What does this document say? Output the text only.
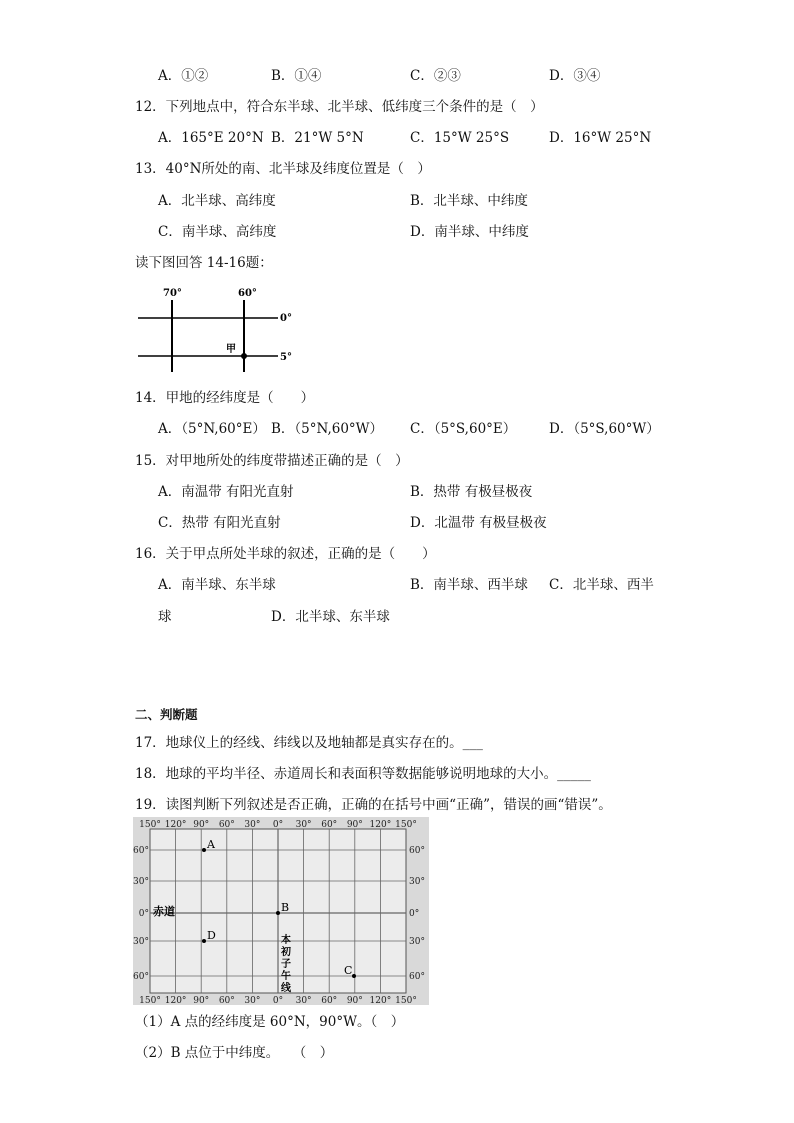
A．①②	B．①④	C．②③	D．③④
12．下列地点中，符合东半球、北半球、低纬度三个条件的是（　）
A．165°E 20°N B．21°W 5°N	C．15°W 25°S	D．16°W 25°N
13．40°N所处的南、北半球及纬度位置是（　）
A．北半球、高纬度	B．北半球、中纬度
C．南半球、高纬度	D．南半球、中纬度
读下图回答 14-16题：
70°	60°
0°
5°
甲
14．甲地的经纬度是（　　）
A．（5°N,60°E） B．（5°N,60°W） C．（5°S,60°E） D．（5°S,60°W）
15．对甲地所处的纬度带描述正确的是（　）
A．南温带 有阳光直射	B．热带 有极昼极夜
C．热带 有阳光直射	D．北温带 有极昼极夜
16．关于甲点所处半球的叙述，正确的是（　　）
A．南半球、东半球	B．南半球、西半球 C．北半球、西半
球	D．北半球、东半球
二、判断题
17．地球仪上的经线、纬线以及地轴都是真实存在的。___
18．地球的平均半径、赤道周长和表面积等数据能够说明地球的大小。_____
19．读图判断下列叙述是否正确，正确的在括号中画“正确”，错误的画“错误”。
150° 120° 90° 60° 30° 0° 30° 60° 90° 120° 150°
150° 120° 90° 60° 30° 0° 30° 60° 90° 120° 150°
60°
30°
0°
30°
60°
60°
30°
0°
30°
60°
赤道
本
初
子
午
线
A
B
C
D
（1）A 点的经纬度是 60°N，90°W。（　）
（2）B 点位于中纬度。　　（　）
